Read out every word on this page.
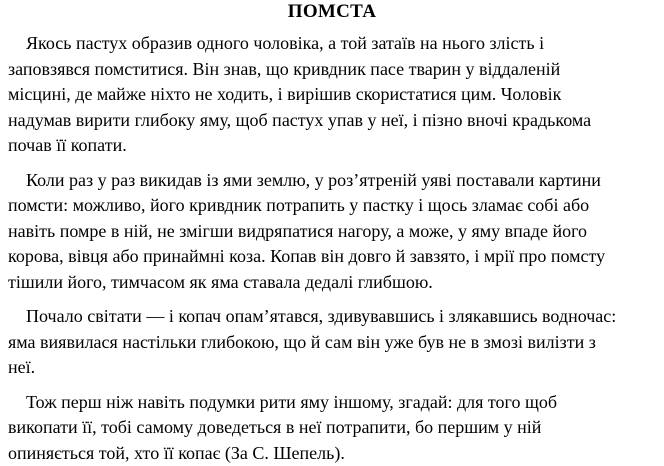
ПОМСТА
Якось пастух образив одного чоловіка, а той затаїв на нього злість і
заповзявся помститися. Він знав, що кривдник пасе тварин у віддаленій
місцині, де майже ніхто не ходить, і вирішив скористатися цим. Чоловік
надумав вирити глибоку яму, щоб пастух упав у неї, і пізно вночі крадькома
почав її копати.
Коли раз у раз викидав із ями землю, у роз’ятреній уяві поставали картини
помсти: можливо, його кривдник потрапить у пастку і щось зламає собі або
навіть помре в ній, не змігши видряпатися нагору, а може, у яму впаде його
корова, вівця або принаймні коза. Копав він довго й завзято, і мрії про помсту
тішили його, тимчасом як яма ставала дедалі глибшою.
Почало світати — і копач опам’ятався, здивувавшись і злякавшись водночас:
яма виявилася настільки глибокою, що й сам він уже був не в змозі вилізти з
неї.
Тож перш ніж навіть подумки рити яму іншому, згадай: для того щоб
викопати її, тобі самому доведеться в неї потрапити, бо першим у ній
опиняється той, хто її копає (За С. Шепель).
